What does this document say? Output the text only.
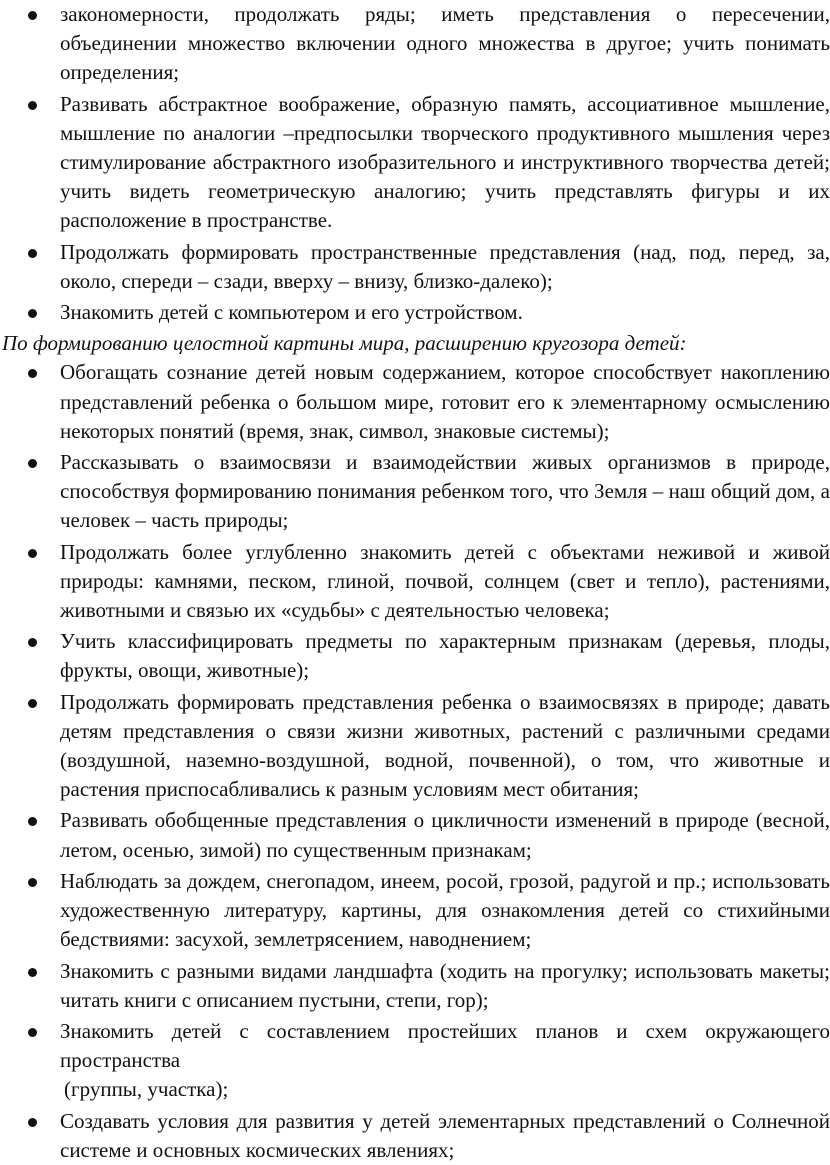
закономерности, продолжать ряды; иметь представления о пересечении, объединении множество включении одного множества в другое; учить понимать определения;
Развивать абстрактное воображение, образную память, ассоциативное мышление, мышление по аналогии –предпосылки творческого продуктивного мышления через стимулирование абстрактного изобразительного и инструктивного творчества детей; учить видеть геометрическую аналогию; учить представлять фигуры и их расположение в пространстве.
Продолжать формировать пространственные представления (над, под, перед, за, около, спереди – сзади, вверху – внизу, близко-далеко);
Знакомить детей с компьютером и его устройством.

По формированию целостной картины мира, расширению кругозора детей:

Обогащать сознание детей новым содержанием, которое способствует накоплению представлений ребенка о большом мире, готовит его к элементарному осмыслению некоторых понятий (время, знак, символ, знаковые системы);
Рассказывать о взаимосвязи и взаимодействии живых организмов в природе, способствуя формированию понимания ребенком того, что Земля – наш общий дом, а человек – часть природы;
Продолжать более углубленно знакомить детей с объектами неживой и живой природы: камнями, песком, глиной, почвой, солнцем (свет и тепло), растениями, животными и связью их «судьбы» с деятельностью человека;
Учить классифицировать предметы по характерным признакам (деревья, плоды, фрукты, овощи, животные);
Продолжать формировать представления ребенка о взаимосвязях в природе; давать детям представления о связи жизни животных, растений с различными средами (воздушной, наземно-воздушной, водной, почвенной), о том, что животные и растения приспосабливались к разным условиям мест обитания;
Развивать обобщенные представления о цикличности изменений в природе (весной, летом, осенью, зимой) по существенным признакам;
Наблюдать за дождем, снегопадом, инеем, росой, грозой, радугой и пр.; использовать художественную литературу, картины, для ознакомления детей со стихийными бедствиями: засухой, землетрясением, наводнением;
Знакомить с разными видами ландшафта (ходить на прогулку; использовать макеты; читать книги с описанием пустыни, степи, гор);
Знакомить детей с составлением простейших планов и схем окружающего пространства
(группы, участка);
Создавать условия для развития у детей элементарных представлений о Солнечной системе и основных космических явлениях;
